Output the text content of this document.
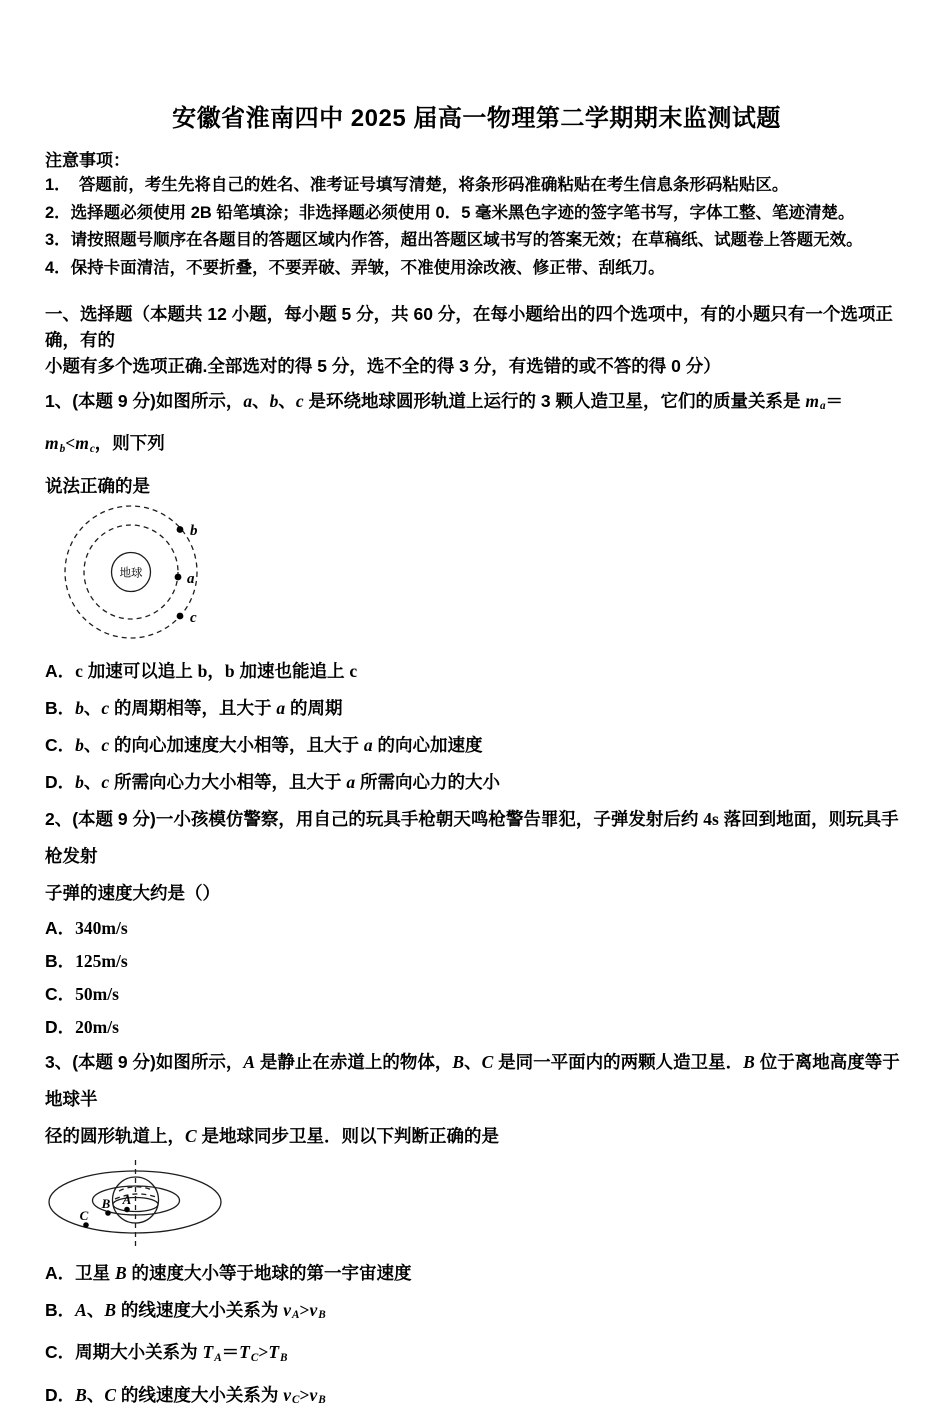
安徽省淮南四中 2025 届高一物理第二学期期末监测试题
注意事项：
1．　答题前，考生先将自己的姓名、准考证号填写清楚，将条形码准确粘贴在考生信息条形码粘贴区。
2．选择题必须使用 2B 铅笔填涂；非选择题必须使用 0．5 毫米黑色字迹的签字笔书写，字体工整、笔迹清楚。
3．请按照题号顺序在各题目的答题区域内作答，超出答题区域书写的答案无效；在草稿纸、试题卷上答题无效。
4．保持卡面清洁，不要折叠，不要弄破、弄皱，不准使用涂改液、修正带、刮纸刀。
一、选择题（本题共 12 小题，每小题 5 分，共 60 分，在每小题给出的四个选项中，有的小题只有一个选项正确，有的
小题有多个选项正确.全部选对的得 5 分，选不全的得 3 分，有选错的或不答的得 0 分）
1、(本题 9 分)如图所示，a、b、c 是环绕地球圆形轨道上运行的 3 颗人造卫星，它们的质量关系是 ma＝mb<mc，则下列
说法正确的是
地球
b
a
c
A．c 加速可以追上 b，b 加速也能追上 c
B．b、c 的周期相等，且大于 a 的周期
C．b、c 的向心加速度大小相等，且大于 a 的向心加速度
D．b、c 所需向心力大小相等，且大于 a 所需向心力的大小
2、(本题 9 分)一小孩模仿警察，用自己的玩具手枪朝天鸣枪警告罪犯，子弹发射后约 4s 落回到地面，则玩具手枪发射
子弹的速度大约是（）
A．340m/s
B．125m/s
C．50m/s
D．20m/s
3、(本题 9 分)如图所示，A 是静止在赤道上的物体，B、C 是同一平面内的两颗人造卫星．B 位于离地高度等于地球半
径的圆形轨道上，C 是地球同步卫星．则以下判断正确的是
A
B
C
A．卫星 B 的速度大小等于地球的第一宇宙速度
B．A、B 的线速度大小关系为 vA>vB
C．周期大小关系为 TA＝TC>TB
D．B、C 的线速度大小关系为 vC>vB
